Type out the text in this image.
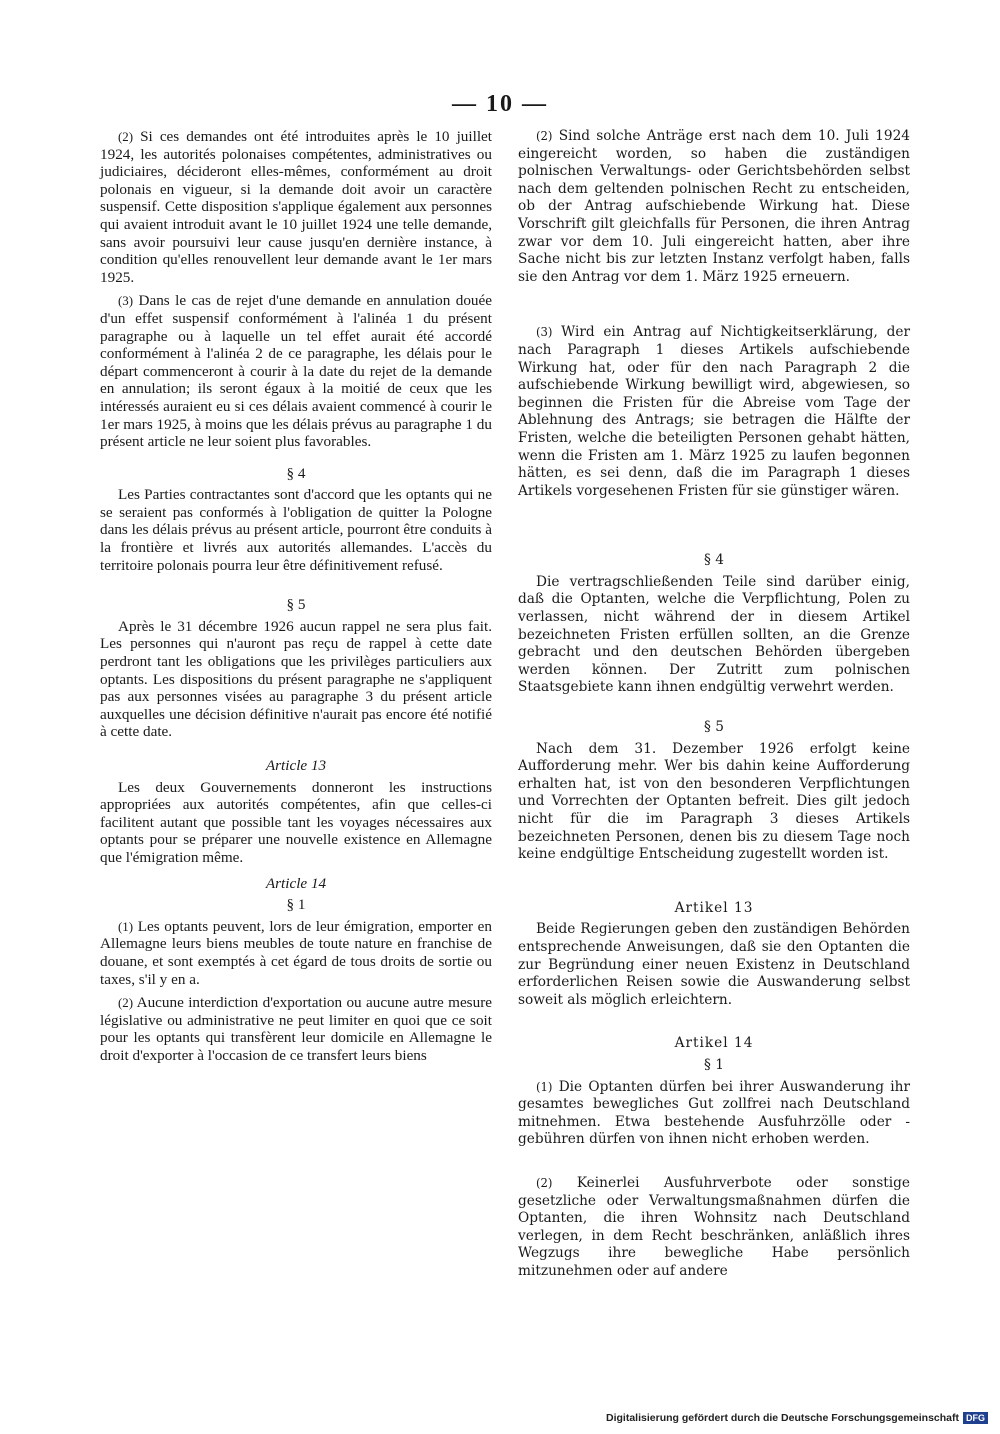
— 10 —

(2) Si ces demandes ont été introduites après le 10 juillet 1924, les autorités polonaises compétentes, administratives ou judiciaires, décideront elles-mêmes, conformément au droit polonais en vigueur, si la demande doit avoir un caractère suspensif. Cette disposition s'applique également aux personnes qui avaient introduit avant le 10 juillet 1924 une telle demande, sans avoir poursuivi leur cause jusqu'en dernière instance, à condition qu'elles renouvellent leur demande avant le 1er mars 1925.

(3) Dans le cas de rejet d'une demande en annulation douée d'un effet suspensif conformément à l'alinéa 1 du présent paragraphe ou à laquelle un tel effet aurait été accordé conformément à l'alinéa 2 de ce paragraphe, les délais pour le départ commenceront à courir à la date du rejet de la demande en annulation; ils seront égaux à la moitié de ceux que les intéressés auraient eu si ces délais avaient commencé à courir le 1er mars 1925, à moins que les délais prévus au paragraphe 1 du présent article ne leur soient plus favorables.

§ 4

Les Parties contractantes sont d'accord que les optants qui ne se seraient pas conformés à l'obligation de quitter la Pologne dans les délais prévus au présent article, pourront être conduits à la frontière et livrés aux autorités allemandes. L'accès du territoire polonais pourra leur être définitivement refusé.

§ 5

Après le 31 décembre 1926 aucun rappel ne sera plus fait. Les personnes qui n'auront pas reçu de rappel à cette date perdront tant les obligations que les privilèges particuliers aux optants. Les dispositions du présent paragraphe ne s'appliquent pas aux personnes visées au paragraphe 3 du présent article auxquelles une décision définitive n'aurait pas encore été notifié à cette date.

Article 13

Les deux Gouvernements donneront les instructions appropriées aux autorités compétentes, afin que celles-ci facilitent autant que possible tant les voyages nécessaires aux optants pour se préparer une nouvelle existence en Allemagne que l'émigration même.

Article 14
§ 1

(1) Les optants peuvent, lors de leur émigration, emporter en Allemagne leurs biens meubles de toute nature en franchise de douane, et sont exemptés à cet égard de tous droits de sortie ou taxes, s'il y en a.

(2) Aucune interdiction d'exportation ou aucune autre mesure législative ou administrative ne peut limiter en quoi que ce soit pour les optants qui transfèrent leur domicile en Allemagne le droit d'exporter à l'occasion de ce transfert leurs biens

(2) Sind solche Anträge erst nach dem 10. Juli 1924 eingereicht worden, so haben die zuständigen polnischen Verwaltungs- oder Gerichtsbehörden selbst nach dem geltenden polnischen Recht zu entscheiden, ob der Antrag aufschiebende Wirkung hat. Diese Vorschrift gilt gleichfalls für Personen, die ihren Antrag zwar vor dem 10. Juli eingereicht hatten, aber ihre Sache nicht bis zur letzten Instanz verfolgt haben, falls sie den Antrag vor dem 1. März 1925 erneuern.

(3) Wird ein Antrag auf Nichtigkeitserklärung, der nach Paragraph 1 dieses Artikels aufschiebende Wirkung hat, oder für den nach Paragraph 2 die aufschiebende Wirkung bewilligt wird, abgewiesen, so beginnen die Fristen für die Abreise vom Tage der Ablehnung des Antrags; sie betragen die Hälfte der Fristen, welche die beteiligten Personen gehabt hätten, wenn die Fristen am 1. März 1925 zu laufen begonnen hätten, es sei denn, daß die im Paragraph 1 dieses Artikels vorgesehenen Fristen für sie günstiger wären.

§ 4

Die vertragschließenden Teile sind darüber einig, daß die Optanten, welche die Verpflichtung, Polen zu verlassen, nicht während der in diesem Artikel bezeichneten Fristen erfüllen sollten, an die Grenze gebracht und den deutschen Behörden übergeben werden können. Der Zutritt zum polnischen Staatsgebiete kann ihnen endgültig verwehrt werden.

§ 5

Nach dem 31. Dezember 1926 erfolgt keine Aufforderung mehr. Wer bis dahin keine Aufforderung erhalten hat, ist von den besonderen Verpflichtungen und Vorrechten der Optanten befreit. Dies gilt jedoch nicht für die im Paragraph 3 dieses Artikels bezeichneten Personen, denen bis zu diesem Tage noch keine endgültige Entscheidung zugestellt worden ist.

Artikel 13

Beide Regierungen geben den zuständigen Behörden entsprechende Anweisungen, daß sie den Optanten die zur Begründung einer neuen Existenz in Deutschland erforderlichen Reisen sowie die Auswanderung selbst soweit als möglich erleichtern.

Artikel 14
§ 1

(1) Die Optanten dürfen bei ihrer Auswanderung ihr gesamtes bewegliches Gut zollfrei nach Deutschland mitnehmen. Etwa bestehende Ausfuhrzölle oder -gebühren dürfen von ihnen nicht erhoben werden.

(2) Keinerlei Ausfuhrverbote oder sonstige gesetzliche oder Verwaltungsmaßnahmen dürfen die Optanten, die ihren Wohnsitz nach Deutschland verlegen, in dem Recht beschränken, anläßlich ihres Wegzugs ihre bewegliche Habe persönlich mitzunehmen oder auf andere

Digitalisierung gefördert durch die Deutsche Forschungsgemeinschaft DFG
